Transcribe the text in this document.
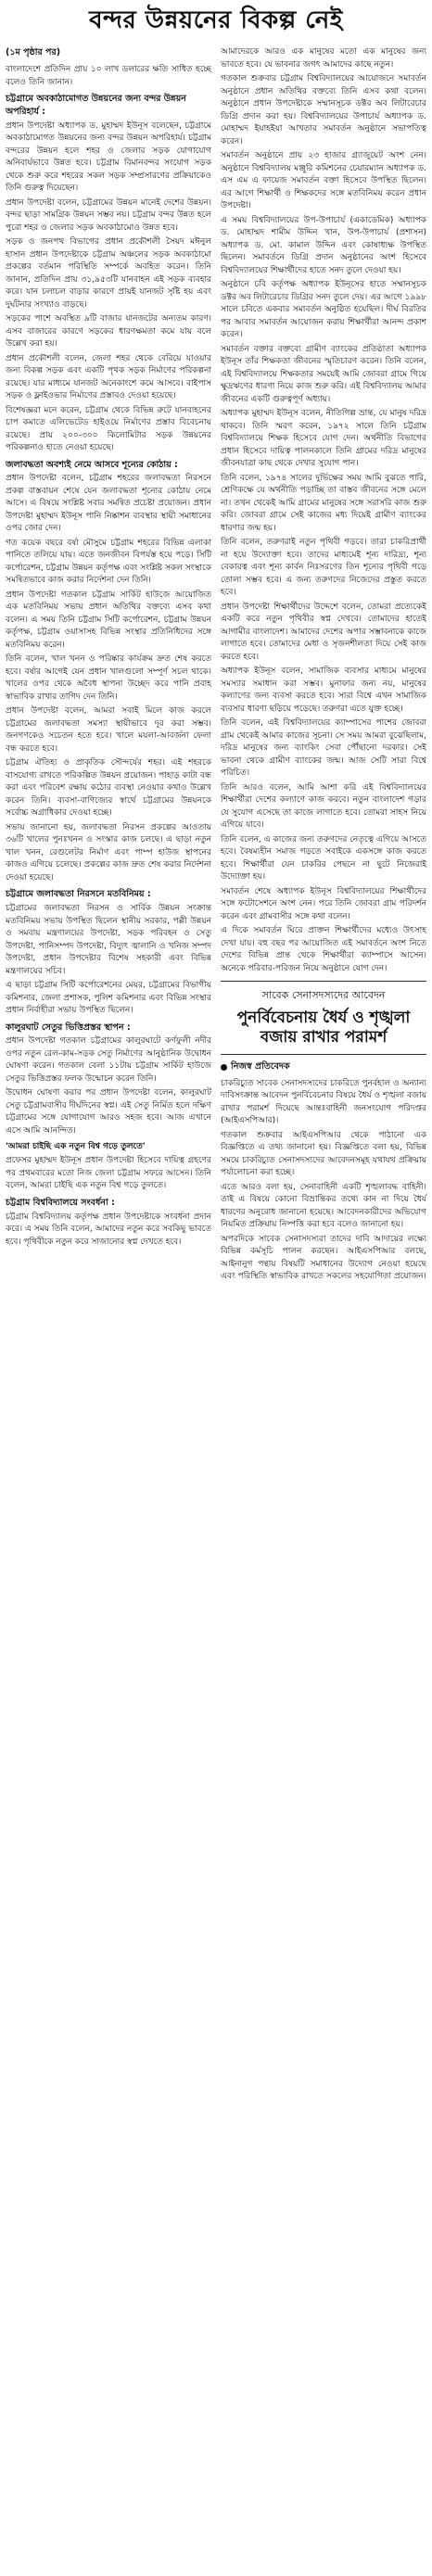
বন্দর উন্নয়নের বিকল্প নেই
(১ম পৃষ্ঠার পর)

বাংলাদেশে প্রতিদিন প্রায় ১০ লাখ ডলারের ক্ষতি সাধিত হচ্ছে বলেও তিনি জানান।

চট্টগ্রামে অবকাঠামোগত উন্নয়নের জন্য বন্দর উন্নয়ন অপরিহার্য :

প্রধান উপদেষ্টা অধ্যাপক ড. মুহাম্মদ ইউনূস বলেছেন, চট্টগ্রামে অবকাঠামোগত উন্নয়নের জন্য বন্দর উন্নয়ন অপরিহার্য। চট্টগ্রাম বন্দরের উন্নয়ন হলে শহর ও জেলার সড়ক যোগাযোগ অনিবার্যভাবে উন্নত হবে। চট্টগ্রাম বিমানবন্দর সংযোগ সড়ক থেকে শুরু করে শহরের সকল সড়ক সম্প্রসারণের প্রক্রিয়াকেও তিনি গুরুত্ব দিয়েছেন।

প্রধান উপদেষ্টা বলেন, চট্টগ্রামের উন্নয়ন মানেই দেশের উন্নয়ন। বন্দর ছাড়া সামগ্রিক উন্নয়ন সম্ভব নয়। চট্টগ্রাম বন্দর উন্নত হলে পুরো শহর ও জেলার সড়ক অবকাঠামোও উন্নত হবে।

সড়ক ও জনপথ বিভাগের প্রধান প্রকৌশলী সৈয়দ মঈনুল হাসান প্রধান উপদেষ্টাকে চট্টগ্রাম অঞ্চলের সড়ক অবকাঠামো প্রকল্পের বর্তমান পরিস্থিতি সম্পর্কে অবহিত করেন। তিনি জানান, প্রতিদিন প্রায় ৩১,৯৫৩টি যানবাহন এই সড়ক ব্যবহার করে। যান চলাচল বাড়ার কারণে প্রায়ই যানজট সৃষ্টি হয় এবং দুর্ঘটনার সংখ্যাও বাড়ছে।

সড়কের পাশে অবস্থিত ৯টি বাজার যানজটের অন্যতম কারণ। এসব বাজারের কারণে সড়কের ধারণক্ষমতা কমে যায় বলে উল্লেখ করা হয়।

প্রধান প্রকৌশলী বলেন, জেলা শহর থেকে বেরিয়ে যাওয়ার জন্য বিকল্প সড়ক এবং একটি পৃথক সড়ক নির্মাণের পরিকল্পনা রয়েছে। যার মাধ্যমে যানজট অনেকাংশে কমে আসবে। বাইপাস সড়ক ও ফ্লাইওভার নির্মাণের প্রস্তাবও দেওয়া হয়েছে।

বিশেষজ্ঞরা মনে করেন, চট্টগ্রাম থেকে বিভিন্ন রুটে যানবাহনের চাপ কমাতে এলিভেটেড হাইওয়ে নির্মাণের প্রস্তাব বিবেচনায় রয়েছে। প্রায় ২০০-৩০০ কিলোমিটার সড়ক উন্নয়নের পরিকল্পনাও হাতে নেওয়া হয়েছে।

জলাবদ্ধতা অবশ্যই নেমে আসবে শূন্যের কোঠায় :

প্রধান উপদেষ্টা বলেন, চট্টগ্রাম শহরের জলাবদ্ধতা নিরসনে প্রকল্প বাস্তবায়ন শেষে যেন জলাবদ্ধতা শূন্যের কোঠায় নেমে আসে। এ বিষয়ে সংশ্লিষ্ট সবার সমন্বিত প্রচেষ্টা প্রয়োজন। প্রধান উপদেষ্টা মুহাম্মদ ইউনূস পানি নিষ্কাশন ব্যবস্থার স্থায়ী সমাধানের ওপর জোর দেন।

গত কয়েক বছরে বর্ষা মৌসুমে চট্টগ্রাম শহরের বিভিন্ন এলাকা পানিতে তলিয়ে যায়। এতে জনজীবন বিপর্যস্ত হয়ে পড়ে। সিটি কর্পোরেশন, চট্টগ্রাম উন্নয়ন কর্তৃপক্ষ এবং সংশ্লিষ্ট সকল সংস্থাকে সমন্বিতভাবে কাজ করার নির্দেশনা দেন তিনি।

প্রধান উপদেষ্টা গতকাল চট্টগ্রাম সার্কিট হাউজে আয়োজিত এক মতবিনিময় সভায় প্রধান অতিথির বক্তব্যে এসব কথা বলেন। এ সময় তিনি চট্টগ্রাম সিটি কর্পোরেশন, চট্টগ্রাম উন্নয়ন কর্তৃপক্ষ, চট্টগ্রাম ওয়াসাসহ বিভিন্ন সংস্থার প্রতিনিধিদের সঙ্গে মতবিনিময় করেন।

তিনি বলেন, খাল খনন ও পরিষ্কার কার্যক্রম দ্রুত শেষ করতে হবে। বর্ষার আগেই যেন প্রধান খালগুলো সম্পূর্ণ সচল থাকে। খালের ওপর থেকে অবৈধ স্থাপনা উচ্ছেদ করে পানি প্রবাহ স্বাভাবিক রাখার তাগিদ দেন তিনি।

প্রধান উপদেষ্টা বলেন, আমরা সবাই মিলে কাজ করলে চট্টগ্রামের জলাবদ্ধতা সমস্যা স্থায়ীভাবে দূর করা সম্ভব। জনগণকেও সচেতন হতে হবে। খালে ময়লা-আবর্জনা ফেলা বন্ধ করতে হবে।

চট্টগ্রাম ঐতিহ্য ও প্রাকৃতিক সৌন্দর্যের শহর। এই শহরকে বাসযোগ্য রাখতে পরিকল্পিত উন্নয়ন প্রয়োজন। পাহাড় কাটা বন্ধ করা এবং পরিবেশ রক্ষায় কঠোর ব্যবস্থা নেওয়ার কথাও উল্লেখ করেন তিনি। ব্যবসা-বাণিজ্যের স্বার্থে চট্টগ্রামের উন্নয়নকে সর্বোচ্চ অগ্রাধিকার দেওয়া হচ্ছে।

সভায় জানানো হয়, জলাবদ্ধতা নিরসন প্রকল্পের আওতায় ৩৬টি খালের পুনঃখনন ও সংস্কার কাজ চলছে। এ ছাড়া নতুন খাল খনন, রেগুলেটর নির্মাণ এবং পাম্প হাউজ স্থাপনের কাজও এগিয়ে চলেছে। প্রকল্পের কাজ দ্রুত শেষ করার নির্দেশনা দেওয়া হয়েছে।

চট্টগ্রামে জলাবদ্ধতা নিরসনে মতবিনিময় :

চট্টগ্রামের জলাবদ্ধতা নিরসন ও সার্বিক উন্নয়ন সংক্রান্ত মতবিনিময় সভায় উপস্থিত ছিলেন স্থানীয় সরকার, পল্লী উন্নয়ন ও সমবায় মন্ত্রণালয়ের উপদেষ্টা, সড়ক পরিবহন ও সেতু উপদেষ্টা, পানিসম্পদ উপদেষ্টা, বিদ্যুৎ জ্বালানি ও খনিজ সম্পদ উপদেষ্টা, প্রধান উপদেষ্টার বিশেষ সহকারী এবং বিভিন্ন মন্ত্রণালয়ের সচিব।

এ ছাড়া চট্টগ্রাম সিটি কর্পোরেশনের মেয়র, চট্টগ্রামের বিভাগীয় কমিশনার, জেলা প্রশাসক, পুলিশ কমিশনার এবং বিভিন্ন সংস্থার প্রধান নির্বাহীরা সভায় উপস্থিত ছিলেন।

কালুরঘাট সেতুর ভিত্তিপ্রস্তর স্থাপন :

প্রধান উপদেষ্টা গতকাল চট্টগ্রামের কালুরঘাটে কর্ণফুলী নদীর ওপর নতুন রেল-কাম-সড়ক সেতু নির্মাণের আনুষ্ঠানিক উদ্বোধন ঘোষণা করেন। গতকাল বেলা ১১টায় চট্টগ্রাম সার্কিট হাউজে সেতুর ভিত্তিপ্রস্তর ফলক উন্মোচন করেন তিনি।

উদ্বোধন ঘোষণা করার পর প্রধান উপদেষ্টা বলেন, কালুরঘাট সেতু চট্টগ্রামবাসীর দীর্ঘদিনের স্বপ্ন। এই সেতু নির্মিত হলে দক্ষিণ চট্টগ্রামের সঙ্গে যোগাযোগ আরও সহজ হবে। আজ এখানে এসে আমি আনন্দিত।

'আমরা চাইছি এক নতুন বিশ্ব গড়ে তুলতে'

প্রফেসর মুহাম্মদ ইউনূস প্রধান উপদেষ্টা হিসেবে দায়িত্ব গ্রহণের পর প্রথমবারের মতো নিজ জেলা চট্টগ্রাম সফরে আসেন। তিনি বলেন, আমরা চাইছি এক নতুন বিশ্ব গড়ে তুলতে।

চট্টগ্রাম বিশ্ববিদ্যালয়ে সংবর্ধনা :

চট্টগ্রাম বিশ্ববিদ্যালয় কর্তৃপক্ষ প্রধান উপদেষ্টাকে সংবর্ধনা প্রদান করে। এ সময় তিনি বলেন, আমাদের নতুন করে সবকিছু ভাবতে হবে। পৃথিবীকে নতুন করে সাজানোর স্বপ্ন দেখতে হবে।

আমাদেরকে আরও এক মানুষের মতো এক মানুষের জন্য ভাবতে হবে। যে ভাবনার জগৎ আমাদের কাছে নতুন।

গতকাল শুক্রবার চট্টগ্রাম বিশ্ববিদ্যালয়ের আয়োজনে সমাবর্তন অনুষ্ঠানে প্রধান অতিথির বক্তব্যে তিনি এসব কথা বলেন। অনুষ্ঠানে প্রধান উপদেষ্টাকে সম্মানসূচক ডক্টর অব লিটারেচার ডিগ্রি প্রদান করা হয়। বিশ্ববিদ্যালয়ের উপাচার্য অধ্যাপক ড. মোহাম্মদ ইয়াহইয়া আখতার সমাবর্তন অনুষ্ঠানে সভাপতিত্ব করেন।

সমাবর্তন অনুষ্ঠানে প্রায় ২৩ হাজার গ্র্যাজুয়েট অংশ নেন। অনুষ্ঠানে বিশ্ববিদ্যালয় মঞ্জুরি কমিশনের চেয়ারম্যান অধ্যাপক ড. এস এম এ ফায়েজ সমাবর্তন বক্তা হিসেবে উপস্থিত ছিলেন। এর আগে শিক্ষার্থী ও শিক্ষকদের সঙ্গে মতবিনিময় করেন প্রধান উপদেষ্টা।

এ সময় বিশ্ববিদ্যালয়ের উপ-উপাচার্য (একাডেমিক) অধ্যাপক ড. মোহাম্মদ শামীম উদ্দিন খান, উপ-উপাচার্য (প্রশাসন) অধ্যাপক ড. মো. কামাল উদ্দিন এবং কোষাধ্যক্ষ উপস্থিত ছিলেন। সমাবর্তনে ডিগ্রি প্রদান অনুষ্ঠানের অংশ হিসেবে বিশ্ববিদ্যালয়ের শিক্ষার্থীদের হাতে সনদ তুলে দেওয়া হয়।

অনুষ্ঠানে চবি কর্তৃপক্ষ অধ্যাপক ইউনূসের হাতে সম্মানসূচক ডক্টর অব লিটারেচার ডিগ্রির সনদ তুলে দেয়। এর আগে ১৯৯৮ সালে চবিতে একবার সমাবর্তন অনুষ্ঠিত হয়েছিল। দীর্ঘ বিরতির পর আবার সমাবর্তন আয়োজন করায় শিক্ষার্থীরা আনন্দ প্রকাশ করেন।

সমাবর্তন বক্তার বক্তব্যে গ্রামীণ ব্যাংকের প্রতিষ্ঠাতা অধ্যাপক ইউনূস তাঁর শিক্ষকতা জীবনের স্মৃতিচারণ করেন। তিনি বলেন, এই বিশ্ববিদ্যালয়ে শিক্ষকতার সময়েই আমি জোবরা গ্রামে গিয়ে ক্ষুদ্রঋণের ধারণা নিয়ে কাজ শুরু করি। এই বিশ্ববিদ্যালয় আমার জীবনের একটি গুরুত্বপূর্ণ অধ্যায়।

অধ্যাপক মুহাম্মদ ইউনূস বলেন, নীতিগিল্প ভ্রান্ত, যে মানুষ দরিদ্র থাকবে। তিনি স্মরণ করেন, ১৯৭২ সালে তিনি চট্টগ্রাম বিশ্ববিদ্যালয়ে শিক্ষক হিসেবে যোগ দেন। অর্থনীতি বিভাগের প্রধান হিসেবে দায়িত্ব পালনকালে তিনি গ্রামের দরিদ্র মানুষের জীবনযাত্রা কাছ থেকে দেখার সুযোগ পান।

তিনি বলেন, ১৯৭৪ সালের দুর্ভিক্ষের সময় আমি বুঝতে পারি, শ্রেণিকক্ষে যে অর্থনীতি পড়াচ্ছি তা বাস্তব জীবনের সঙ্গে মেলে না। তখন থেকেই আমি গ্রামের মানুষের সঙ্গে সরাসরি কাজ শুরু করি। জোবরা গ্রামে সেই কাজের মধ্য দিয়েই গ্রামীণ ব্যাংকের ধারণার জন্ম হয়।

তিনি বলেন, তরুণরাই নতুন পৃথিবী গড়বে। তারা চাকরিপ্রার্থী না হয়ে উদ্যোক্তা হবে। তাদের মাধ্যমেই শূন্য দারিদ্র্য, শূন্য বেকারত্ব এবং শূন্য কার্বন নিঃসরণের তিন শূন্যের পৃথিবী গড়ে তোলা সম্ভব হবে। এ জন্য তরুণদের নিজেদের প্রস্তুত করতে হবে।

প্রধান উপদেষ্টা শিক্ষার্থীদের উদ্দেশে বলেন, তোমরা প্রত্যেকেই একটি করে নতুন পৃথিবীর স্বপ্ন দেখবে। তোমাদের হাতেই আগামীর বাংলাদেশ। আমাদের দেশের অপার সম্ভাবনাকে কাজে লাগাতে হবে। তোমাদের মেধা ও সৃজনশীলতা দিয়ে সেই কাজ করতে হবে।

অধ্যাপক ইউনূস বলেন, সামাজিক ব্যবসার মাধ্যমে মানুষের সমস্যার সমাধান করা সম্ভব। মুনাফার জন্য নয়, মানুষের কল্যাণের জন্য ব্যবসা করতে হবে। সারা বিশ্বে এখন সামাজিক ব্যবসার ধারণা ছড়িয়ে পড়েছে। তরুণরা এতে যুক্ত হচ্ছে।

তিনি বলেন, এই বিশ্ববিদ্যালয়ের ক্যাম্পাসের পাশের জোবরা গ্রাম থেকেই আমার কাজের সূচনা। সে সময় আমরা বুঝেছিলাম, দরিদ্র মানুষের জন্য ব্যাংকিং সেবা পৌঁছানো দরকার। সেই ভাবনা থেকে গ্রামীণ ব্যাংকের জন্ম। আজ সেটি সারা বিশ্বে পরিচিত।

তিনি আরও বলেন, আমি আশা করি এই বিশ্ববিদ্যালয়ের শিক্ষার্থীরা দেশের কল্যাণে কাজ করবে। নতুন বাংলাদেশ গড়ার যে সুযোগ এসেছে তা কাজে লাগাতে হবে। তোমরা সাহস নিয়ে এগিয়ে যাবে।

তিনি বলেন, এ কাজের জন্য তরুণদের নেতৃত্বে এগিয়ে আসতে হবে। বৈষম্যহীন সমাজ গড়তে সবাইকে একসঙ্গে কাজ করতে হবে। শিক্ষার্থীরা যেন চাকরির পেছনে না ছুটে নিজেরাই উদ্যোক্তা হয়।

সমাবর্তন শেষে অধ্যাপক ইউনূস বিশ্ববিদ্যালয়ের শিক্ষার্থীদের সঙ্গে ফটোসেশনে অংশ নেন। পরে তিনি জোবরা গ্রাম পরিদর্শন করেন এবং গ্রামবাসীর সঙ্গে কথা বলেন।

এ দিকে সমাবর্তন ঘিরে প্রাক্তন শিক্ষার্থীদের মধ্যেও উৎসাহ দেখা যায়। বহু বছর পর আয়োজিত এই সমাবর্তনে অংশ নিতে দেশের বিভিন্ন প্রান্ত থেকে শিক্ষার্থীরা ক্যাম্পাসে আসেন। অনেকে পরিবার-পরিজন নিয়ে অনুষ্ঠানে যোগ দেন।

সাবেক সেনাসদস্যদের আবেদন
পুনর্বিবেচনায় ধৈর্য ও শৃঙ্খলা বজায় রাখার পরামর্শ
নিজস্ব প্রতিবেদক

চাকরিচ্যুত সাবেক সেনাসদস্যদের চাকরিতে পুনর্বহাল ও অন্যান্য দাবিসংক্রান্ত আবেদন পুনর্বিবেচনার বিষয়ে ধৈর্য ও শৃঙ্খলা বজায় রাখার পরামর্শ দিয়েছে আন্তঃবাহিনী জনসংযোগ পরিদপ্তর (আইএসপিআর)।

গতকাল শুক্রবার আইএসপিআর থেকে পাঠানো এক বিজ্ঞপ্তিতে এ তথ্য জানানো হয়। বিজ্ঞপ্তিতে বলা হয়, বিভিন্ন সময়ে চাকরিচ্যুত সেনাসদস্যদের আবেদনসমূহ যথাযথ প্রক্রিয়ায় পর্যালোচনা করা হচ্ছে।

এতে আরও বলা হয়, সেনাবাহিনী একটি শৃঙ্খলাবদ্ধ বাহিনী। তাই এ বিষয়ে কোনো বিভ্রান্তিকর তথ্যে কান না দিয়ে ধৈর্য ধারণের অনুরোধ জানানো হয়েছে। আবেদনকারীদের অভিযোগ নিয়মিত প্রক্রিয়ায় নিষ্পত্তি করা হবে বলেও জানানো হয়।

অপরদিকে সাবেক সেনাসদস্যরা তাদের দাবি আদায়ের লক্ষ্যে বিভিন্ন কর্মসূচি পালন করছেন। আইএসপিআর বলছে, আইনানুগ পন্থায় বিষয়টি সমাধানের উদ্যোগ নেওয়া হয়েছে এবং পরিস্থিতি স্বাভাবিক রাখতে সকলের সহযোগিতা প্রয়োজন।
